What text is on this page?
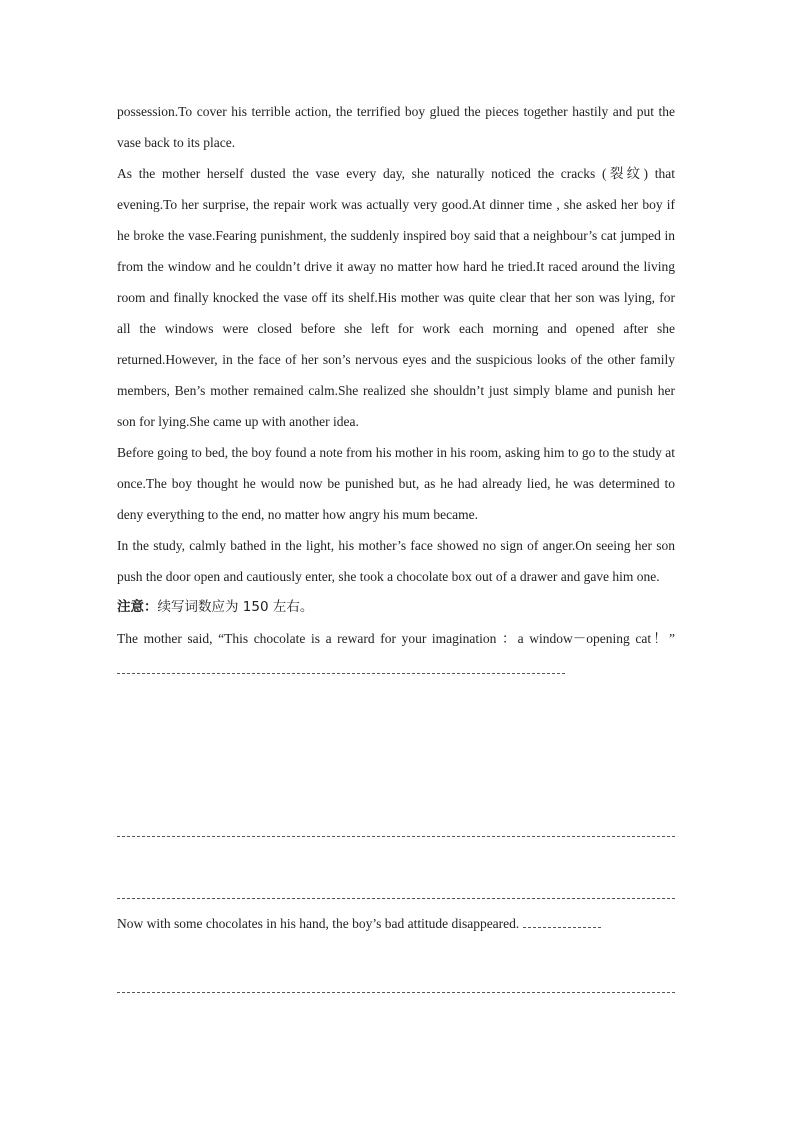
possession.To cover his terrible action, the terrified boy glued the pieces together hastily and put the vase back to its place.

As the mother herself dusted the vase every day, she naturally noticed the cracks (裂纹) that evening.To her surprise, the repair work was actually very good.At dinner time , she asked her boy if he broke the vase.Fearing punishment, the suddenly inspired boy said that a neighbour’s cat jumped in from the window and he couldn’t drive it away no matter how hard he tried.It raced around the living room and finally knocked the vase off its shelf.His mother was quite clear that her son was lying, for all the windows were closed before she left for work each morning and opened after she returned.However, in the face of her son’s nervous eyes and the suspicious looks of the other family members, Ben’s mother remained calm.She realized she shouldn’t just simply blame and punish her son for lying.She came up with another idea.

Before going to bed, the boy found a note from his mother in his room, asking him to go to the study at once.The boy thought he would now be punished but, as he had already lied, he was determined to deny everything to the end, no matter how angry his mum became.

In the study, calmly bathed in the light, his mother’s face showed no sign of anger.On seeing her son push the door open and cautiously enter, she took a chocolate box out of a drawer and gave him one.

注意：续写词数应为 150 左右。

The mother said, “This chocolate is a reward for your imagination ：a window－opening cat！”

Now with some chocolates in his hand, the boy’s bad attitude disappeared.
